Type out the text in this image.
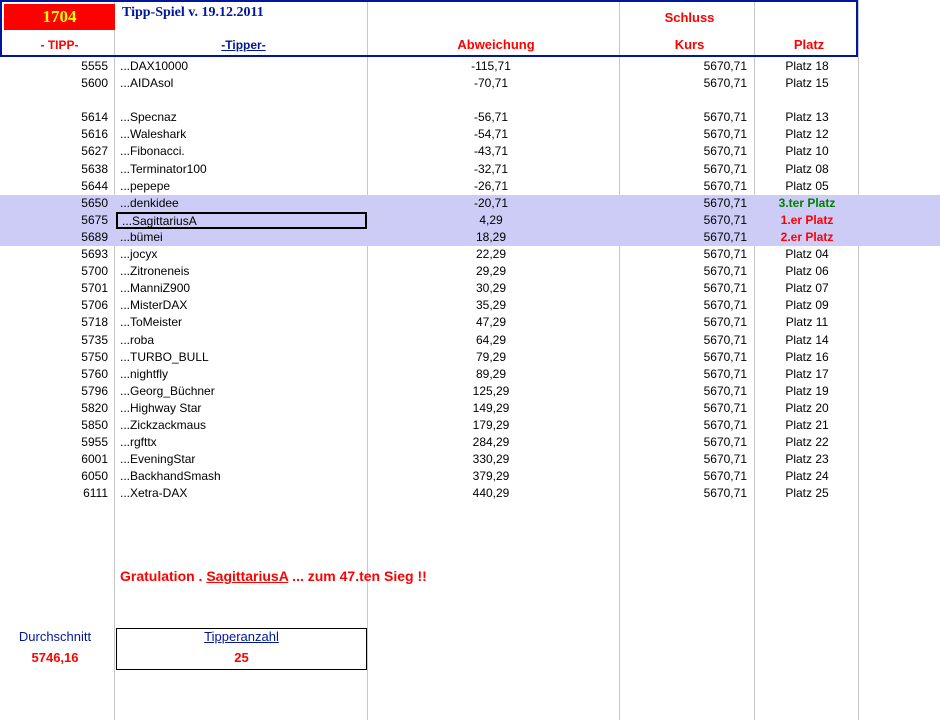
1704
- TIPP-
Tipp-Spiel v. 19.12.2011
-Tipper-	Abweichung
Schluss
Kurs	Platz
5555 ...DAX10000	-115,71	5670,71	Platz 18
5600 ...AIDAsol	-70,71	5670,71	Platz 15
5614 ...Specnaz	-56,71	5670,71	Platz 13
5616 ...Waleshark	-54,71	5670,71	Platz 12
5627 ...Fibonacci.	-43,71	5670,71	Platz 10
5638 ...Terminator100	-32,71	5670,71	Platz 08
5644 ...pepepe	-26,71	5670,71	Platz 05
5650 ...denkidee	-20,71	5670,71	3.ter Platz
5675	...SagittariusA	4,29	5670,71	1.er Platz
5689 ...bümei	18,29	5670,71	2.er Platz
5693 ...jocyx	22,29	5670,71	Platz 04
5700 ...Zitroneneis	29,29	5670,71	Platz 06
5701 ...ManniZ900	30,29	5670,71	Platz 07
5706 ...MisterDAX	35,29	5670,71	Platz 09
5718 ...ToMeister	47,29	5670,71	Platz 11
5735 ...roba	64,29	5670,71	Platz 14
5750 ...TURBO_BULL	79,29	5670,71	Platz 16
5760 ...nightfly	89,29	5670,71	Platz 17
5796 ...Georg_Büchner	125,29	5670,71	Platz 19
5820 ...Highway Star	149,29	5670,71	Platz 20
5850 ...Zickzackmaus	179,29	5670,71	Platz 21
5955 ...rgfttx	284,29	5670,71	Platz 22
6001 ...EveningStar	330,29	5670,71	Platz 23
6050 ...BackhandSmash	379,29	5670,71	Platz 24
6111 ...Xetra-DAX	440,29	5670,71	Platz 25
Gratulation . SagittariusA ... zum 47.ten Sieg !!
Durchschnitt	Tipperanzahl
5746,16	25
